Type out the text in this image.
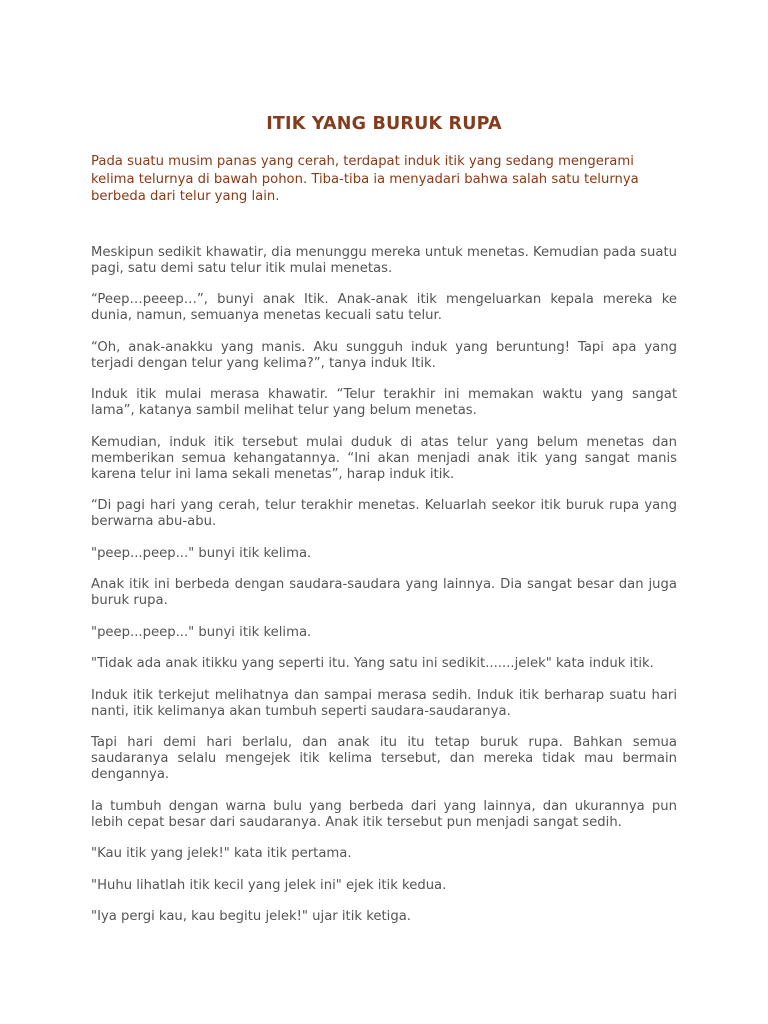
ITIK YANG BURUK RUPA

Pada suatu musim panas yang cerah, terdapat induk itik yang sedang mengerami kelima telurnya di bawah pohon. Tiba-tiba ia menyadari bahwa salah satu telurnya berbeda dari telur yang lain.

Meskipun sedikit khawatir, dia menunggu mereka untuk menetas. Kemudian pada suatu pagi, satu demi satu telur itik mulai menetas.

“Peep…peeep…”, bunyi anak Itik. Anak-anak itik mengeluarkan kepala mereka ke dunia, namun, semuanya menetas kecuali satu telur.

“Oh, anak-anakku yang manis. Aku sungguh induk yang beruntung! Tapi apa yang terjadi dengan telur yang kelima?”, tanya induk Itik.

Induk itik mulai merasa khawatir. “Telur terakhir ini memakan waktu yang sangat lama”, katanya sambil melihat telur yang belum menetas.

Kemudian, induk itik tersebut mulai duduk di atas telur yang belum menetas dan memberikan semua kehangatannya. “Ini akan menjadi anak itik yang sangat manis karena telur ini lama sekali menetas”, harap induk itik.

“Di pagi hari yang cerah, telur terakhir menetas. Keluarlah seekor itik buruk rupa yang berwarna abu-abu.

"peep...peep..." bunyi itik kelima.

Anak itik ini berbeda dengan saudara-saudara yang lainnya. Dia sangat besar dan juga buruk rupa.

"peep...peep..." bunyi itik kelima.

"Tidak ada anak itikku yang seperti itu. Yang satu ini sedikit.......jelek" kata induk itik.

Induk itik terkejut melihatnya dan sampai merasa sedih. Induk itik berharap suatu hari nanti, itik kelimanya akan tumbuh seperti saudara-saudaranya.

Tapi hari demi hari berlalu, dan anak itu itu tetap buruk rupa. Bahkan semua saudaranya selalu mengejek itik kelima tersebut, dan mereka tidak mau bermain dengannya.

Ia tumbuh dengan warna bulu yang berbeda dari yang lainnya, dan ukurannya pun lebih cepat besar dari saudaranya. Anak itik tersebut pun menjadi sangat sedih.

"Kau itik yang jelek!" kata itik pertama.

"Huhu lihatlah itik kecil yang jelek ini" ejek itik kedua.

"Iya pergi kau, kau begitu jelek!" ujar itik ketiga.
